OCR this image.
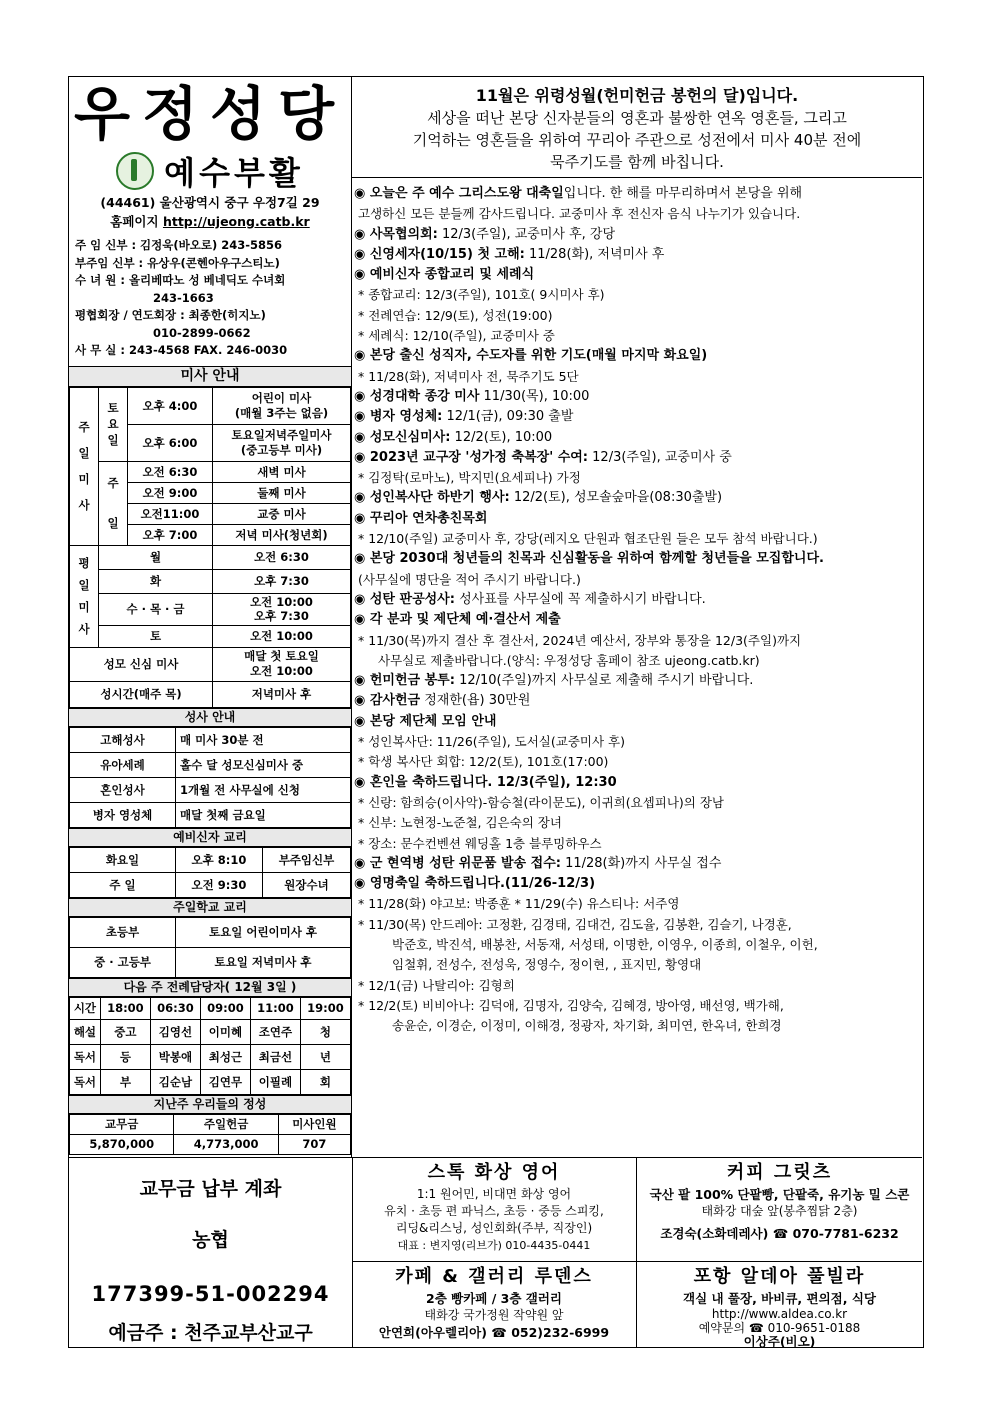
우정성당
예수부활
(44461) 울산광역시 중구 우정7길 29
홈페이지 http://ujeong.catb.kr
주 임 신부 : 김정욱(바오로) 243-5856
부주임 신부 : 유상우(콘헨아우구스티노)
수 녀 원 : 올리베따노 성 베네딕도 수녀회
243-1663
평협회장 / 연도회장 : 최종한(히지노)
010-2899-0662
사 무 실 : 243-4568 FAX. 246-0030
미사 안내
주
일
미
사	토
요
일	오후 4:00	어린이 미사
(매월 3주는 없음)
		오후 6:00	토요일저녁주일미사
(중고등부 미사)
	주
일	오전 6:30	새벽 미사
		오전 9:00	둘째 미사
		오전11:00	교중 미사
		오후 7:00	저녁 미사(청년회)
평
일
미
사	월		오전 6:30
	화		오후 7:30
	수 · 목 · 금		오전 10:00
오후 7:30
	토		오전 10:00
성모 신심 미사			매달 첫 토요일
오전 10:00
성시간(매주 목)			저녁미사 후
성사 안내
고해성사	매 미사 30분 전
유아세례	홀수 달 성모신심미사 중
혼인성사	1개월 전 사무실에 신청
병자 영성체	매달 첫째 금요일
예비신자 교리
화요일	오후 8:10	부주임신부
주 일	오전 9:30	원장수녀
주일학교 교리
초등부	토요일 어린이미사 후
중 · 고등부	토요일 저녁미사 후
다음 주 전례담당자( 12월 3일 )
시간	18:00	06:30	09:00	11:00	19:00
해설	중고	김영선	이미혜	조연주	청
독서	등	박봉애	최성근	최금선	년
독서	부	김순남	김연무	이필례	회
지난주 우리들의 정성
교무금	주일헌금	미사인원
5,870,000	4,773,000	707
11월은 위령성월(헌미헌금 봉헌의 달)입니다.
세상을 떠난 본당 신자분들의 영혼과 불쌍한 연옥 영혼들, 그리고
기억하는 영혼들을 위하여 꾸리아 주관으로 성전에서 미사 40분 전에
묵주기도를 함께 바칩니다.
◉ 오늘은 주 예수 그리스도왕 대축일입니다. 한 해를 마무리하며서 본당을 위해
고생하신 모든 분들께 감사드립니다. 교중미사 후 전신자 음식 나누기가 있습니다.
◉ 사목협의회: 12/3(주일), 교중미사 후, 강당
◉ 신영세자(10/15) 첫 고해: 11/28(화), 저녁미사 후
◉ 예비신자 종합교리 및 세례식
* 종합교리: 12/3(주일), 101호( 9시미사 후)
* 전례연습: 12/9(토), 성전(19:00)
* 세례식: 12/10(주일), 교중미사 중
◉ 본당 출신 성직자, 수도자를 위한 기도(매월 마지막 화요일)
* 11/28(화), 저녁미사 전, 묵주기도 5단
◉ 성경대학 종강 미사 11/30(목), 10:00
◉ 병자 영성체: 12/1(금), 09:30 출발
◉ 성모신심미사: 12/2(토), 10:00
◉ 2023년 교구장 '성가정 축복장' 수여: 12/3(주일), 교중미사 중
* 김정탁(로마노), 박지민(요세피나) 가정
◉ 성인복사단 하반기 행사: 12/2(토), 성모솔숲마을(08:30출발)
◉ 꾸리아 연차총친목회
* 12/10(주일) 교중미사 후, 강당(레지오 단원과 협조단원 들은 모두 참석 바랍니다.)
◉ 본당 2030대 청년들의 친목과 신심활동을 위하여 함께할 청년들을 모집합니다.
(사무실에 명단을 적어 주시기 바랍니다.)
◉ 성탄 판공성사: 성사표를 사무실에 꼭 제출하시기 바랍니다.
◉ 각 분과 및 제단체 예·결산서 제출
* 11/30(목)까지 결산 후 결산서, 2024년 예산서, 장부와 통장을 12/3(주일)까지
사무실로 제출바랍니다.(양식: 우정성당 홈페이 참조 ujeong.catb.kr)
◉ 헌미헌금 봉투: 12/10(주일)까지 사무실로 제출해 주시기 바랍니다.
◉ 감사헌금 정재한(욥) 30만원
◉ 본당 제단체 모임 안내
* 성인복사단: 11/26(주일), 도서실(교중미사 후)
* 학생 복사단 회합: 12/2(토), 101호(17:00)
◉ 혼인을 축하드립니다. 12/3(주일), 12:30
* 신랑: 함희승(이사악)-함승철(라이문도), 이귀희(요셉피나)의 장남
* 신부: 노현정-노준철, 김은숙의 장녀
* 장소: 문수컨벤션 웨딩홀 1층 블루밍하우스
◉ 군 현역병 성탄 위문품 발송 접수: 11/28(화)까지 사무실 접수
◉ 영명축일 축하드립니다.(11/26-12/3)
* 11/28(화) 야고보: 박종훈 * 11/29(수) 유스티나: 서주영
* 11/30(목) 안드레아: 고정환, 김경태, 김대건, 김도율, 김봉환, 김슬기, 나경훈,
박준호, 박진석, 배봉찬, 서동재, 서성태, 이명한, 이영우, 이종희, 이철우, 이헌,
임철휘, 전성수, 전성욱, 정영수, 정이현, , 표지민, 황영대
* 12/1(금) 나탈리아: 김형희
* 12/2(토) 비비아나: 김덕애, 김명자, 김양숙, 김혜경, 방아영, 배선영, 백가해,
송윤순, 이경순, 이정미, 이해경, 정광자, 차기화, 최미연, 한옥녀, 한희경
교무금 납부 계좌
농협
177399-51-002294
예금주 : 천주교부산교구
스톡 화상 영어
1:1 원어민, 비대면 화상 영어
유치 · 초등 편 파닉스, 초등 · 중등 스피킹,
리딩&리스닝, 성인회화(주부, 직장인)
대표 : 변지영(리브가) 010-4435-0441
커피 그릿츠
국산 팥 100% 단팥빵, 단팥죽, 유기농 밀 스콘
태화강 대숲 앞(봉추찜닭 2층)
조경숙(소화데레사) ☎ 070-7781-6232
카페 & 갤러리 루덴스
2층 빵카페 / 3층 갤러리
태화강 국가정원 작약원 앞
안연희(아우렐리아) ☎ 052)232-6999
포항 알데아 풀빌라
객실 내 풀장, 바비큐, 편의점, 식당
http://www.aldea.co.kr
예약문의 ☎ 010-9651-0188
이상주(비오)
